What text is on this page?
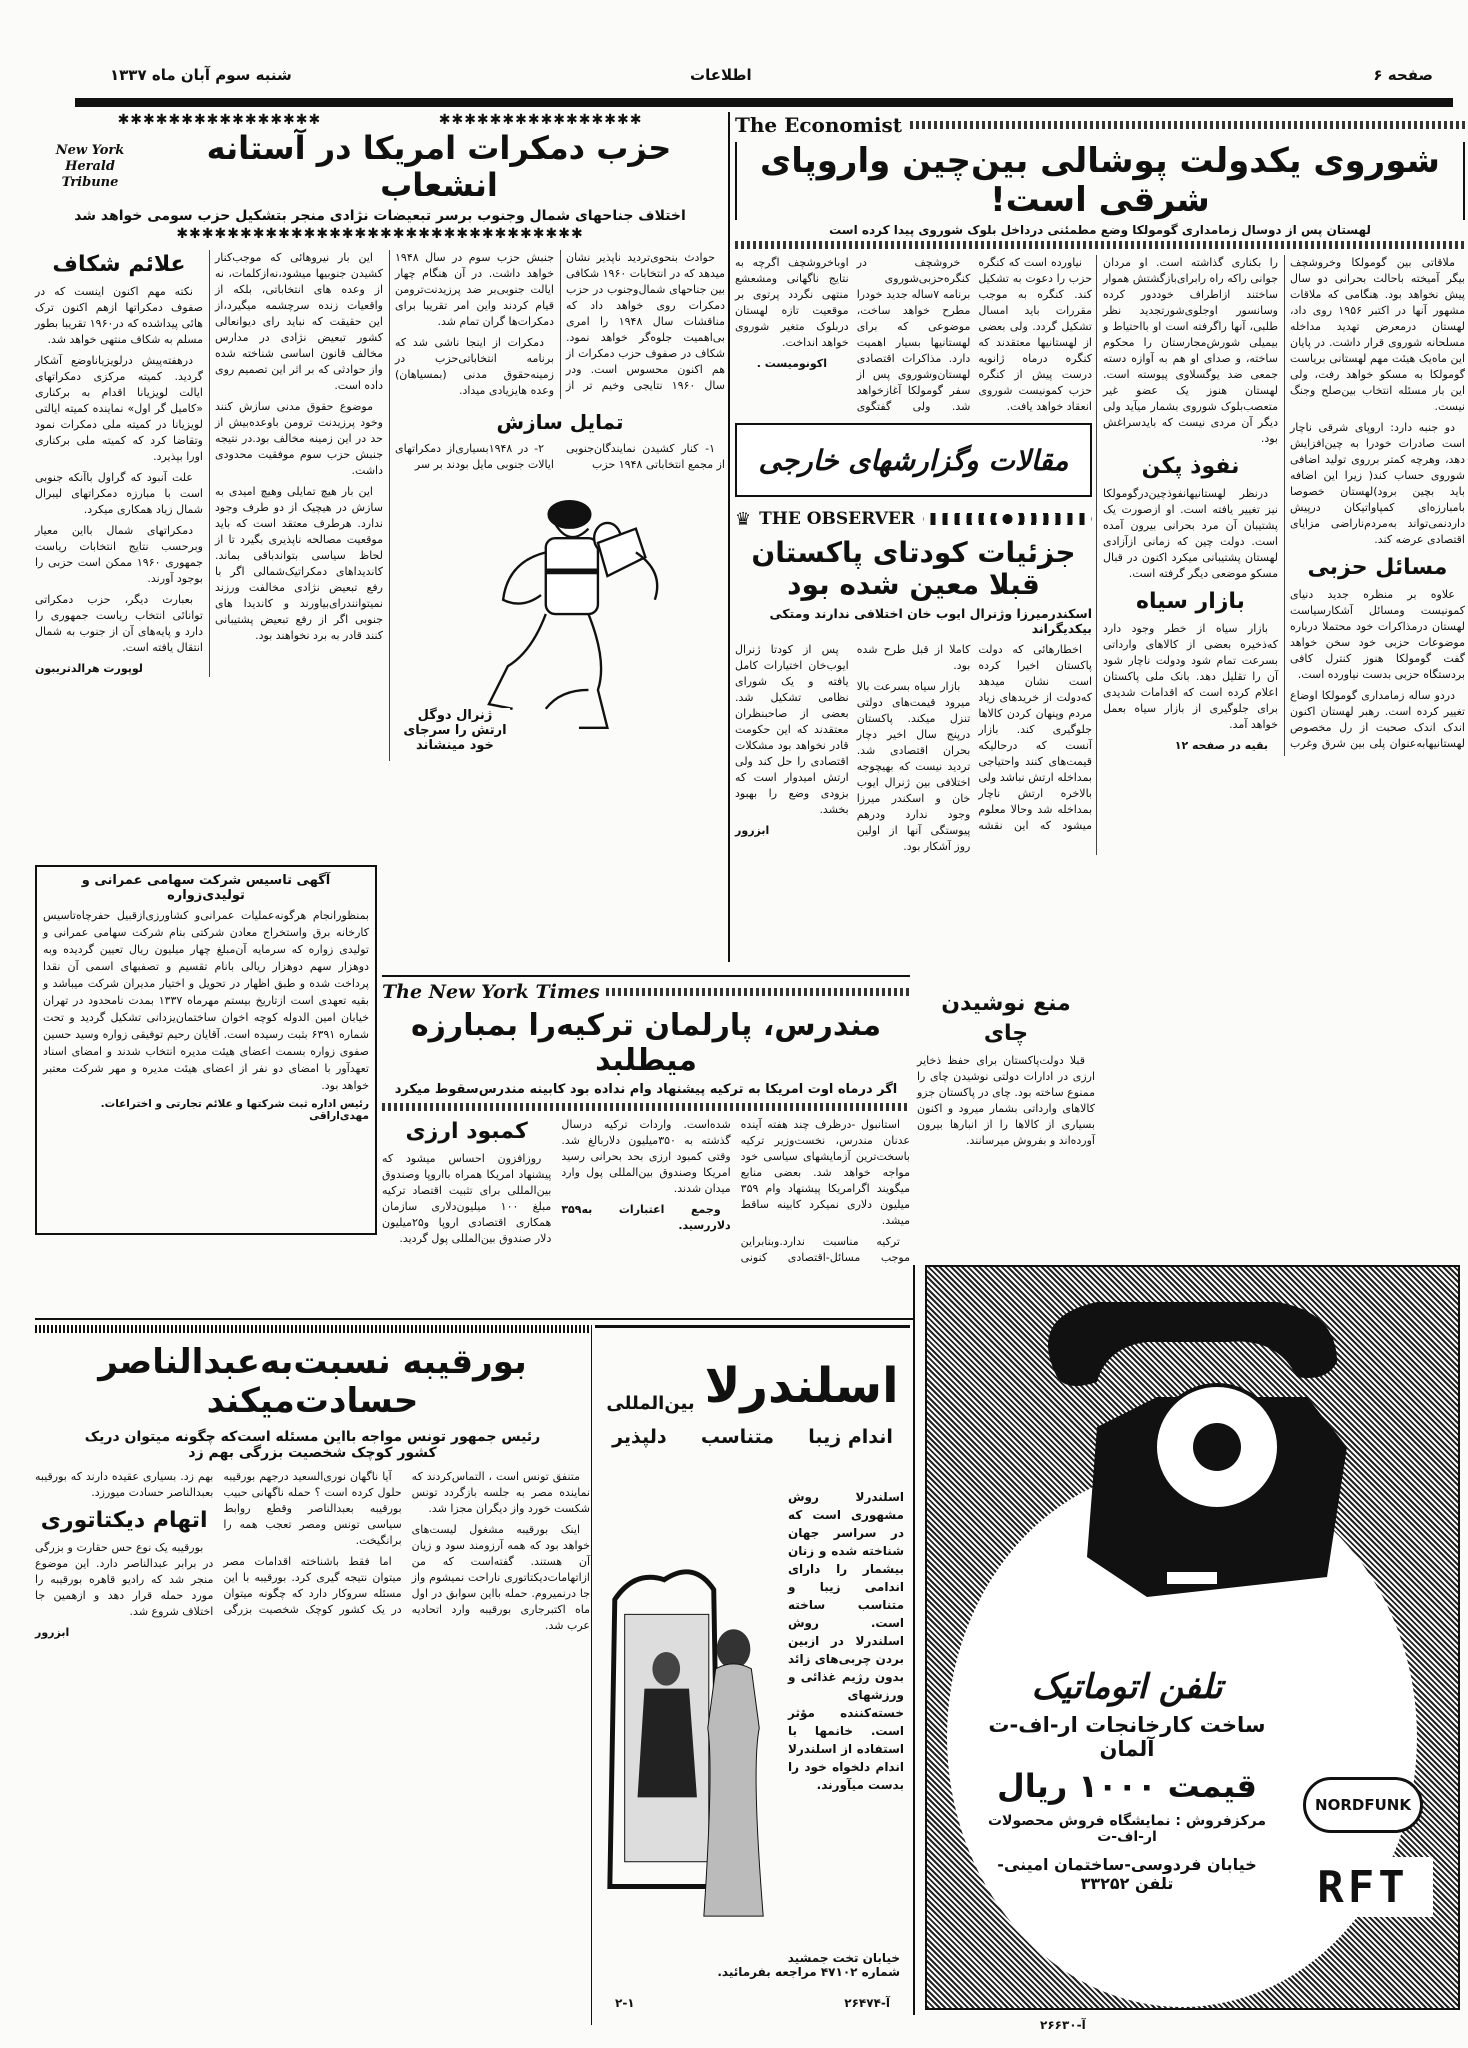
صفحه ۶
اطلاعات
شنبه سوم آبان ماه ۱۳۳۷
✱✱✱✱✱✱✱✱✱✱✱✱✱✱✱✱                    ✱✱✱✱✱✱✱✱✱✱✱✱✱✱✱✱
حزب دمکرات امریکا در آستانه انشعاب
New York Herald Tribune
اختلاف جناحهای شمال وجنوب برسر تبعیضات نژادی منجر بتشکیل حزب سومی خواهد شد
✱✱✱✱✱✱✱✱✱✱✱✱✱✱✱✱✱✱✱✱✱✱✱✱✱✱✱✱✱✱✱✱

حوادث بنحوی‌تردید ناپذیر نشان میدهد که در انتخابات ۱۹۶۰ شکافی بین جناحهای شمال‌وجنوب در حزب دمکرات روی خواهد داد که مناقشات سال ۱۹۴۸ را امری بی‌اهمیت جلوه‌گر خواهد نمود. شکاف در صفوف حزب دمکرات از هم اکنون محسوس است. ودر سال ۱۹۶۰ نتایجی وخیم تر از جنبش حزب سوم در سال ۱۹۴۸ خواهد داشت. در آن هنگام چهار ایالت جنوبی‌بر ضد پرزیدنت‌ترومن قیام کردند واین امر تقریبا برای دمکرات‌ها گران تمام شد.

دمکرات از اینجا ناشی شد که برنامه انتخاباتی‌حزب در زمینه‌حقوق مدنی (بمسیاهان) وعده هایزیادی میداد.

تمایل سازش

۱- کنار کشیدن نمایندگان‌جنوبی از مجمع انتخاباتی ۱۹۴۸ حزب

۲- در ۱۹۴۸بسیاری‌از دمکراتهای ایالات جنوبی مایل بودند بر سر

ژنرال دوگل ارتش را سرجای خود مینشاند

این بار نیروهائی که موجب‌کنار کشیدن جنوبیها میشود،نه‌ازکلمات، نه از وعده های انتخاباتی، بلکه از واقعیات زنده سرچشمه میگیرد،از این حقیقت که نباید رای دیوانعالی کشور تبعیض نژادی در مدارس مخالف قانون اساسی شناخته شده واز حوادثی که بر اثر این تصمیم روی داده است.

موضوع حقوق مدنی سازش کنند وخود پرزیدنت ترومن باوعده‌بیش از حد در این زمینه مخالف بود.در نتیجه جنبش حزب سوم موفقیت محدودی داشت.

این بار هیچ تمایلی وهیچ امیدی به سازش در هیچیک از دو طرف وجود ندارد. هرطرف معتقد است که باید موقعیت مصالحه ناپذیری بگیرد تا از لحاظ سیاسی بتواندباقی بماند. کاندیداهای دمکراتیک‌شمالی اگر با رفع تبعیض نژادی مخالفت ورزند نمیتوانندرای‌بیاورند و کاندیدا های جنوبی اگر از رفع تبعیض پشتیبانی کنند قادر به برد نخواهند بود.

علائم شکاف

نکته مهم اکنون اینست که در صفوف دمکراتها ازهم اکنون ترک هائی پیداشده که در۱۹۶۰ تقریبا بطور مسلم به شکاف منتهی خواهد شد.

درهفته‌پیش درلویزیانا‌وضع آشکار گردید. کمیته مرکزی دمکراتهای ایالت لویزیانا اقدام به برکناری «کامیل گر اول» نماینده کمیته ایالتی لویزیانا در کمیته ملی دمکرات نمود وتقاضا کرد که کمیته ملی برکناری اورا بپذیرد.

علت آنبود که گراول باآنکه جنوبی است با مبارزه دمکراتهای لیبرال شمال زیاد همکاری میکرد.

دمکراتهای شمال بااین معیار وبرحسب نتایج انتخابات ریاست جمهوری ۱۹۶۰ ممکن است حزبی را بوجود آورند.

بعبارت دیگر، حزب دمکراتی توانائی انتخاب ریاست جمهوری را دارد و پایه‌های آن از جنوب به شمال انتقال یافته است.

لوپورت هرالدتریبون

The Economist
شوروی یکدولت پوشالی بین‌چین واروپای شرقی است!
لهستان پس از دوسال زمامداری گومولکا وضع مطمئنی درداخل بلوک شوروی پیدا کرده است

ملاقاتی بین گومولکا وخروشچف بیگر آمیخته باحالت بحرانی دو سال پیش نخواهد بود. هنگامی که ملاقات مشهور آنها در اکتبر ۱۹۵۶ روی داد، لهستان درمعرض تهدید مداخله مسلحانه شوروی قرار داشت. در پایان این ماه‌یک هیئت مهم لهستانی بریاست گومولکا به مسکو خواهد رفت، ولی این بار مسئله انتخاب بین‌صلح وجنگ نیست.

دو جنبه دارد: اروپای شرقی ناچار است صادرات خودرا به چین‌افزایش دهد، وهرچه کمتر برروی تولید اضافی شوروی حساب کند( زیرا این اضافه باید بچین برود)لهستان خصوصا بامبارزه‌ای کمپاواتیکان درپیش داردنمی‌تواند به‌مردم‌ناراضی مزایای اقتصادی عرضه کند.

مسائل حزبی

علاوه بر منظره جدید دنیای کمونیست ومسائل آشکارسیاست لهستان درمذاکرات خود محتملا درباره موضوعات حزبی خود سخن خواهد گفت گومولکا هنوز کنترل کافی بردستگاه حزبی بدست نیاورده است.

دردو ساله زمامداری گومولکا اوضاع تغییر کرده است. رهبر لهستان اکنون اندک اندک صحبت از رل مخصوص لهستانیهابه‌عنوان پلی بین شرق وغرب را بکناری گذاشته است. او مردان جوانی راکه راه رابرای‌بازگشتش هموار ساختند ازاطراف خوددور کرده وسانسور اوجلوی‌شور‌تجدید نظر طلبی، آنها راگرفته است او بااحتیاط و بیمیلی شورش‌مجارستان را محکوم ساخته، و صدای او هم به آوازه دسته جمعی ضد یوگسلاوی پیوسته است. لهستان هنوز یک عضو غیر متعصب‌بلوک شوروی بشمار میآید ولی دیگر آن مردی نیست که بایدسراغش بود.

نفوذ پکن

درنظر لهستانیهانفوذ‌چین‌درگومولکا نیز تغییر یافته است. او ازصورت یک پشتیبان آن مرد بحرانی بیرون آمده است. دولت چین که زمانی ازآزادی لهستان پشتیبانی میکرد اکنون در قبال مسکو موضعی دیگر گرفته است.

بازار سیاه

بازار سیاه از خطر وجود دارد که‌ذخیره بعضی از کالاهای وارداتی بسرعت تمام شود ودولت ناچار شود آن را تقلیل دهد. بانک ملی پاکستان اعلام کرده است که اقدامات شدیدی برای جلوگیری از بازار سیاه بعمل خواهد آمد.

بقیه در صفحه ۱۲

نیاورده است که کنگره حزب را دعوت به تشکیل کند. کنگره به موجب مقررات باید امسال تشکیل گردد. ولی بعضی از لهستانیها معتقدند که کنگره درماه ژانویه درست پیش از کنگره حزب کمونیست شوروی انعقاد خواهد یافت.

خروشچف در کنگره‌حزبی‌شوروی برنامه ۷ساله جدید خودرا مطرح خواهد ساخت، موضوعی که برای لهستانیها بسیار اهمیت دارد. مذاکرات اقتصادی لهستان‌وشوروی پس از سفر گومولکا آغازخواهد شد. ولی گفتگوی اوباخروشچف اگرچه به نتایج ناگهانی ومشعشع منتهی نگردد پرتوی بر موقعیت تازه لهستان دربلوک متغیر شوروی خواهد انداخت.

اکونومیست .

مقالات وگزارشهای خارجی
♛ THE OBSERVER
جزئیات کودتای پاکستان قبلا معین شده بود
اسکندرمیرزا وژنرال ایوب خان اختلافی ندارند ومتکی بیکدیگراند

اخطارهائی که دولت پاکستان اخیرا کرده است نشان میدهد که‌دولت از خریدهای زیاد مردم وپنهان کردن کالاها جلوگیری کند. بازار آنست که درحالیکه قیمت‌های کنند واحتیاجی بمداخله ارتش نباشد ولی بالاخره ارتش ناچار بمداخله شد وحالا معلوم میشود که این نقشه کاملا از قبل طرح شده بود.

بازار سیاه بسرعت بالا میرود قیمت‌های دولتی تنزل میکند. پاکستان درپنج سال اخیر دچار بحران اقتصادی شد. تردید نیست که بهیچوجه اختلافی بین ژنرال ایوب خان و اسکندر میرزا وجود ندارد ودرهم پیوستگی آنها از اولین روز آشکار بود.

پس از کودتا ژنرال ایوب‌خان اختیارات کامل یافته و یک شورای نظامی تشکیل شد. بعضی از صاحبنظران معتقدند که این حکومت قادر نخواهد بود مشکلات اقتصادی را حل کند ولی ارتش امیدوار است که بزودی وضع را بهبود بخشد.

ابزرور

آگهی تاسیس شرکت سهامی عمرانی و تولیدی‌زواره
بمنظورانجام هرگونه‌عملیات عمرانی‌و کشاورزی‌ازقبیل حفرچاه‌تاسیس کارخانه برق واستخراج معادن شرکتی بنام شرکت سهامی عمرانی و تولیدی زواره که سرمایه آن‌مبلغ چهار میلیون ریال تعیین گردیده وبه دوهزار سهم دوهزار ریالی بانام تقسیم و تصفبهای اسمی آن نقدا پرداخت شده و طبق اظهار در تحویل و اختیار مدیران شرکت میباشد و بقیه تعهدی است ازتاریخ بیستم مهرماه ۱۳۳۷ بمدت نامحدود در تهران خیابان امین الدوله کوچه اخوان ساختمان‌یزدانی تشکیل گردید و تحت شماره ۶۳۹۱ بثبت رسیده است. آقایان رحیم توفیقی زواره وسید حسین صفوی زواره بسمت اعضای هیئت مدیره انتخاب شدند و امضای اسناد تعهدآور با امضای دو نفر از اعضای هیئت مدیره و مهر شرکت معتبر خواهد بود.
رئیس اداره ثبت شرکتها و علائم تجارتی و اختراعات. مهدی‌اراقی
The New York Times
مندرس، پارلمان ترکیه‌را بمبارزه میطلبد
اگر درماه اوت امریکا به ترکیه پیشنهاد وام نداده بود کابینه مندرس‌سقوط میکرد

استانبول -درظرف چند هفته آینده عدنان مندرس، نخست‌وزیر ترکیه باسخت‌ترین آزمایشهای سیاسی خود مواجه خواهد شد. بعضی منابع میگویند اگرامریکا پیشنهاد وام ۳۵۹ میلیون دلاری نمیکرد کابینه ساقط میشد.

ترکیه مناسبت ندارد.وبنابراین موجب مسائل-اقتصادی کنونی شده‌است. واردات ترکیه درسال گذشته به ۳۵۰میلیون دلاربالغ شد. وقتی کمبود ارزی بحد بحرانی رسید امریکا وصندوق بین‌المللی پول وارد میدان شدند.

وجمع اعتبارات به۳۵۹ دلاررسید.

کمبود ارزی

روزافزون احساس میشود که پیشنهاد امریکا همراه بااروپا وصندوق بین‌المللی برای تثبیت اقتصاد ترکیه مبلغ ۱۰۰ میلیون‌دلاری سازمان همکاری اقتصادی اروپا و۲۵میلیون دلار صندوق بین‌المللی پول گردید.

منع نوشیدن چای

قبلا دولت‌پاکستان برای حفظ ذخایر ارزی در ادارات دولتی نوشیدن چای را ممنوع ساخته بود. چای در پاکستان جزو کالاهای وارداتی بشمار میرود و اکنون بسیاری از کالاها را از انبارها بیرون آورده‌اند و بفروش میرسانند.

بورقیبه نسبت‌به‌عبدالناصر حسادت‌میکند
رئیس جمهور تونس مواجه بااین مسئله است‌که چگونه میتوان دریک کشور کوچک شخصیت بزرگی بهم زد

متنفق تونس است ، التماس‌کردند که نماینده مصر به جلسه بازگردد تونس شکست خورد واز دیگران مجزا شد.

اینک بورقیبه مشغول لیست‌های خواهد بود که همه آرزومند سود و زیان آن هستند. گفته‌است که من ازاتهامات‌دیکتاتوری ناراحت نمیشوم واز جا درنمیروم. حمله بااین سوابق در اول ماه اکتبرجاری بورقیبه وارد اتحادیه عرب شد.

آیا ناگهان نوری‌السعید درجهم بورقیبه حلول کرده است ؟ حمله ناگهانی حبیب بورقیبه بعبدالناصر وقطع روابط سیاسی تونس ومصر تعجب همه را برانگیخت.

اما فقط باشناخته اقدامات مصر میتوان نتیجه گیری کرد. بورقیبه با این مسئله سروکار دارد که چگونه میتوان در یک کشور کوچک شخصیت بزرگی بهم زد. بسیاری عقیده دارند که بورقیبه بعبدالناصر حسادت میورزد.

اتهام دیکتاتوری

بورقیبه یک نوع حس حقارت و بزرگی در برابر عبدالناصر دارد. این موضوع منجر شد که رادیو قاهره بورقیبه را مورد حمله قرار دهد و ازهمین جا اختلاف شروع شد.

ابزرور

اسلندرلا
بین‌المللی
اندام زیبا
متناسب
دلپذیر
اسلندرلا روش مشهوری است که در سراسر جهان شناخته شده و زنان بیشمار را دارای اندامی زیبا و متناسب ساخته است. روش اسلندرلا در ازبین بردن چربی‌های زائد بدون رژیم غذائی و ورزشهای خسته‌کننده مؤثر است. خانمها با استفاده از اسلندرلا اندام دلخواه خود را بدست میآورند.
خیابان تخت جمشید
شماره ۴۷۱۰۲ مراجعه بفرمائید.
آ-۲۶۴۷۴
۲-۱
تلفن اتوماتیک
ساخت کارخانجات ار-اف-ت آلمان
قیمت ۱۰۰۰ ریال
مرکزفروش : نمایشگاه فروش محصولات ار-اف-ت
خیابان فردوسی-ساختمان امینی-تلفن ۳۳۲۵۲
NORDFUNK
RFT
آ-۲۶۶۳۰
